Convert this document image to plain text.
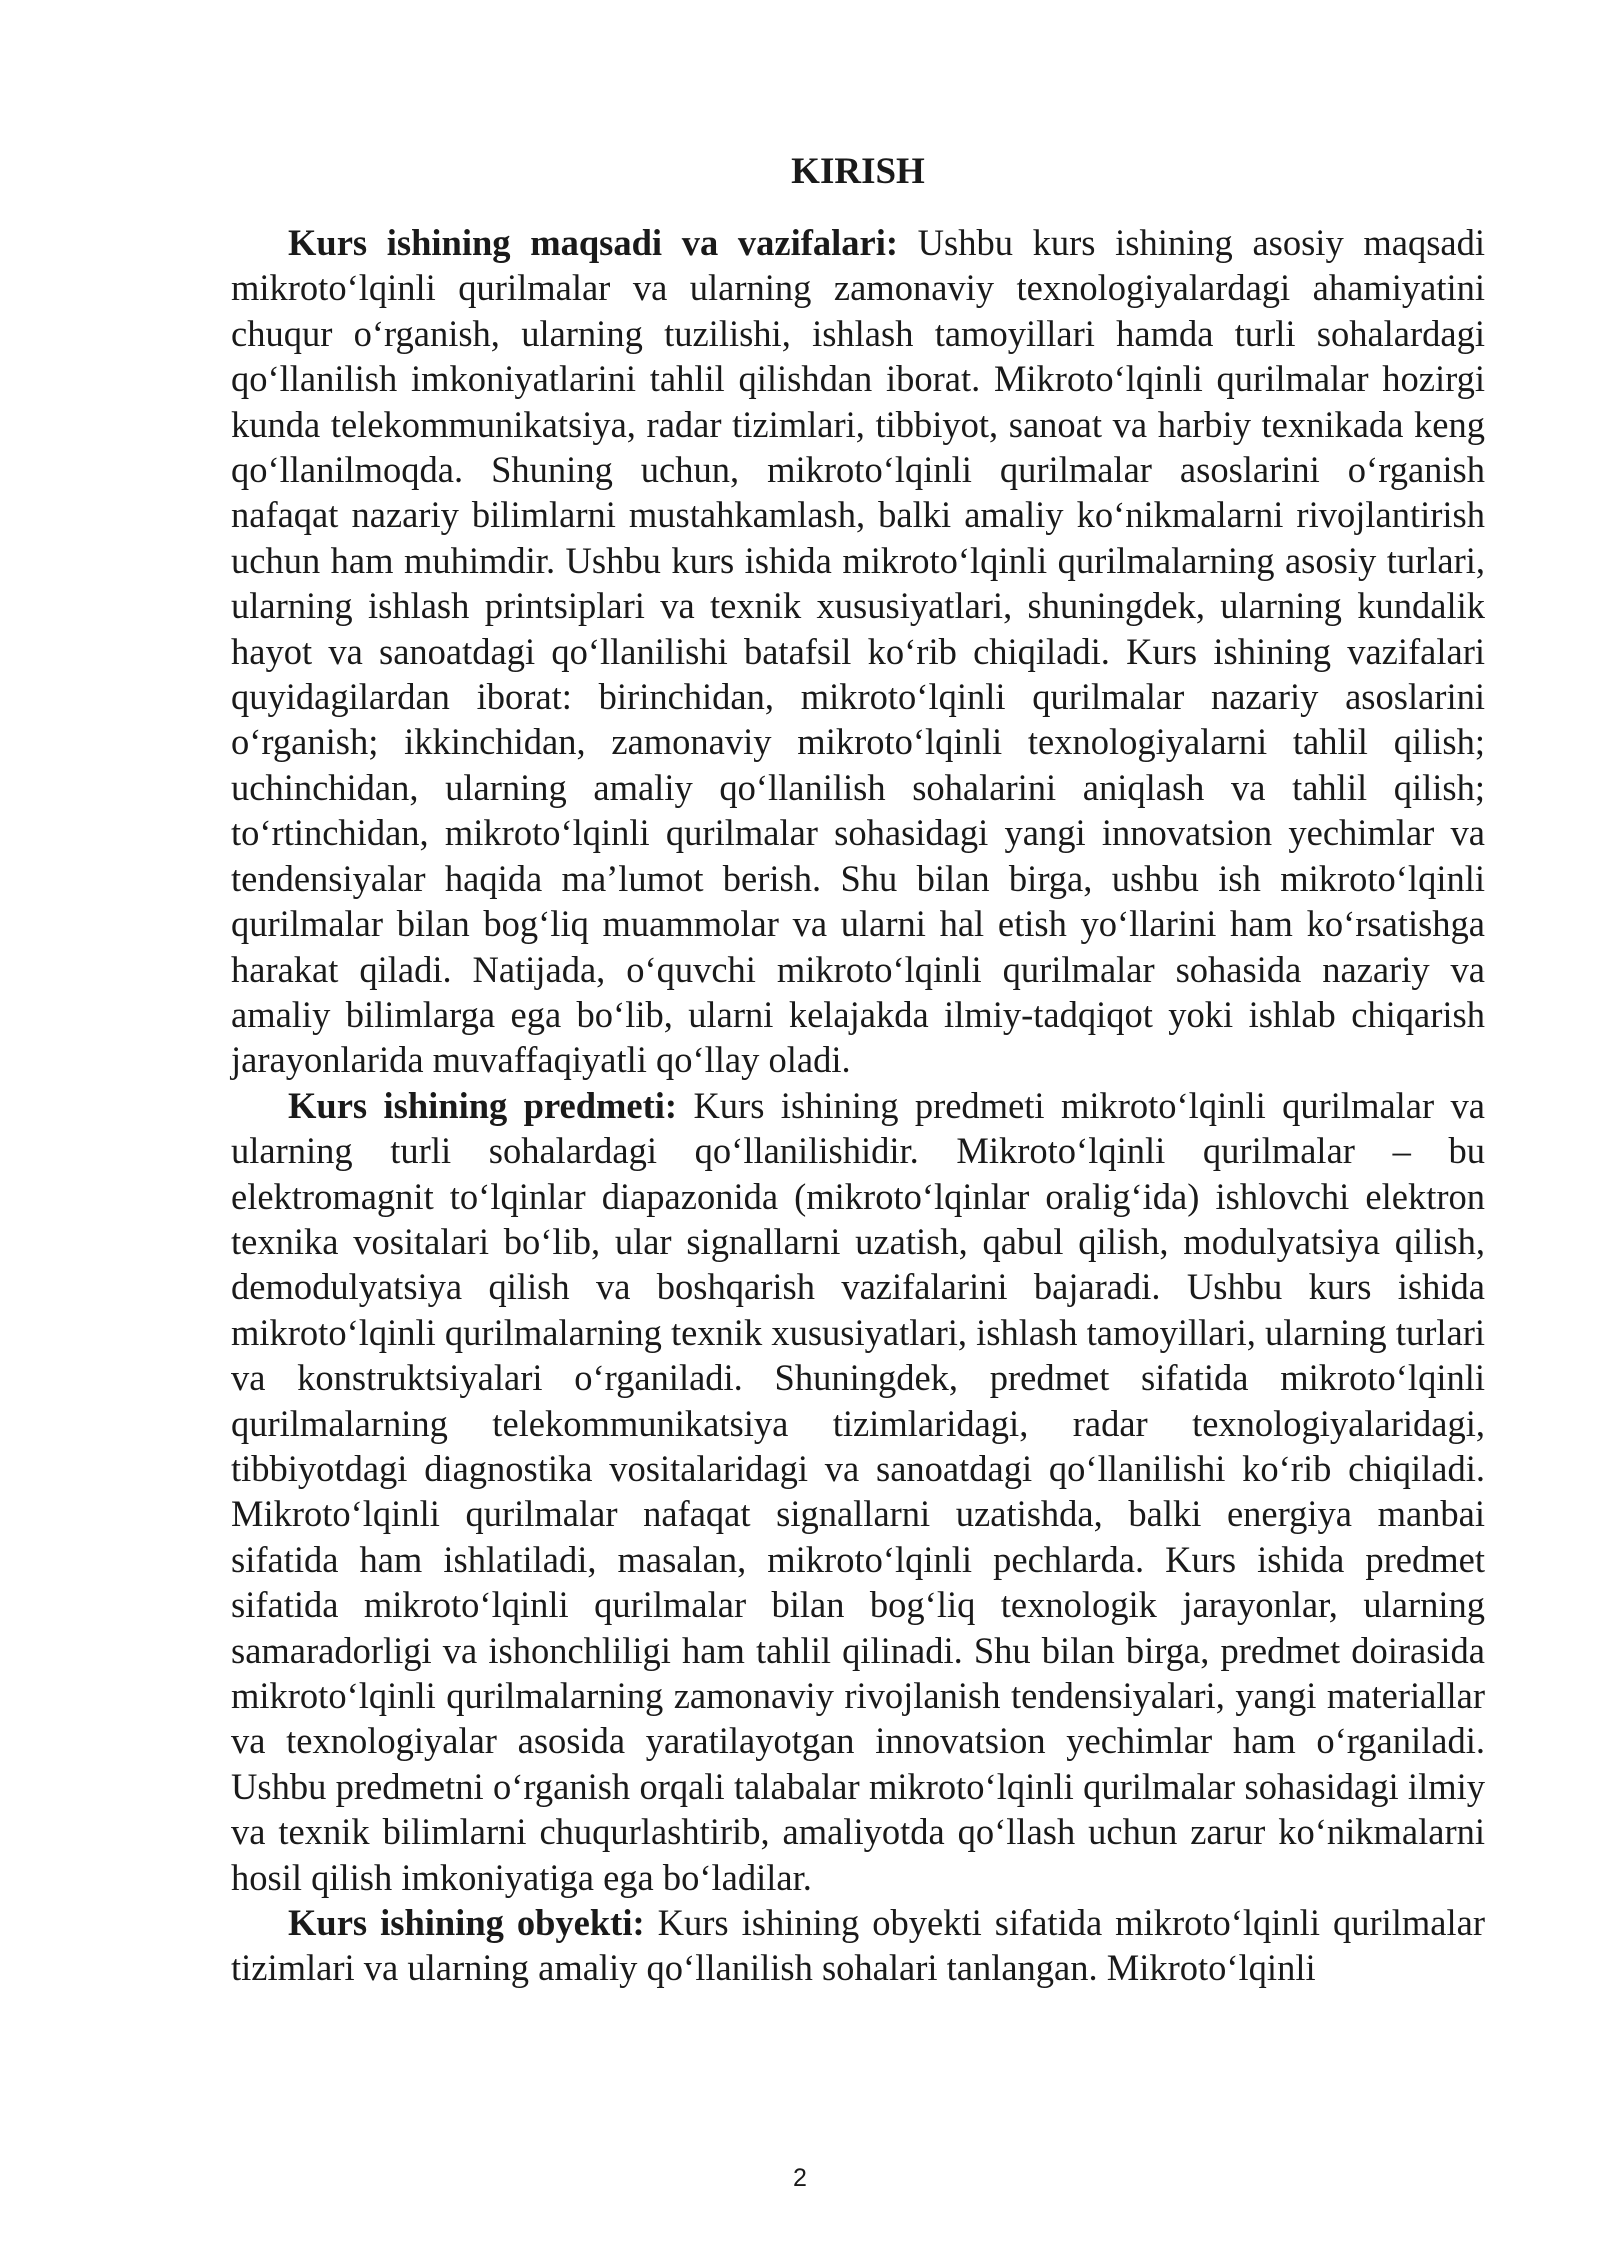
KIRISH

Kurs ishining maqsadi va vazifalari: Ushbu kurs ishining asosiy maqsadi mikroto‘lqinli qurilmalar va ularning zamonaviy texnologiyalardagi ahamiyatini chuqur o‘rganish, ularning tuzilishi, ishlash tamoyillari hamda turli sohalardagi qo‘llanilish imkoniyatlarini tahlil qilishdan iborat. Mikroto‘lqinli qurilmalar hozirgi kunda telekommunikatsiya, radar tizimlari, tibbiyot, sanoat va harbiy texnikada keng qo‘llanilmoqda. Shuning uchun, mikroto‘lqinli qurilmalar asoslarini o‘rganish nafaqat nazariy bilimlarni mustahkamlash, balki amaliy ko‘nikmalarni rivojlantirish uchun ham muhimdir. Ushbu kurs ishida mikroto‘lqinli qurilmalarning asosiy turlari, ularning ishlash printsiplari va texnik xususiyatlari, shuningdek, ularning kundalik hayot va sanoatdagi qo‘llanilishi batafsil ko‘rib chiqiladi. Kurs ishining vazifalari quyidagilardan iborat: birinchidan, mikroto‘lqinli qurilmalar nazariy asoslarini o‘rganish; ikkinchidan, zamonaviy mikroto‘lqinli texnologiyalarni tahlil qilish; uchinchidan, ularning amaliy qo‘llanilish sohalarini aniqlash va tahlil qilish; to‘rtinchidan, mikroto‘lqinli qurilmalar sohasidagi yangi innovatsion yechimlar va tendensiyalar haqida ma’lumot berish. Shu bilan birga, ushbu ish mikroto‘lqinli qurilmalar bilan bog‘liq muammolar va ularni hal etish yo‘llarini ham ko‘rsatishga harakat qiladi. Natijada, o‘quvchi mikroto‘lqinli qurilmalar sohasida nazariy va amaliy bilimlarga ega bo‘lib, ularni kelajakda ilmiy-tadqiqot yoki ishlab chiqarish jarayonlarida muvaffaqiyatli qo‘llay oladi.

Kurs ishining predmeti: Kurs ishining predmeti mikroto‘lqinli qurilmalar va ularning turli sohalardagi qo‘llanilishidir. Mikroto‘lqinli qurilmalar – bu elektromagnit to‘lqinlar diapazonida (mikroto‘lqinlar oralig‘ida) ishlovchi elektron texnika vositalari bo‘lib, ular signallarni uzatish, qabul qilish, modulyatsiya qilish, demodulyatsiya qilish va boshqarish vazifalarini bajaradi. Ushbu kurs ishida mikroto‘lqinli qurilmalarning texnik xususiyatlari, ishlash tamoyillari, ularning turlari va konstruktsiyalari o‘rganiladi. Shuningdek, predmet sifatida mikroto‘lqinli qurilmalarning telekommunikatsiya tizimlaridagi, radar texnologiyalaridagi, tibbiyotdagi diagnostika vositalaridagi va sanoatdagi qo‘llanilishi ko‘rib chiqiladi. Mikroto‘lqinli qurilmalar nafaqat signallarni uzatishda, balki energiya manbai sifatida ham ishlatiladi, masalan, mikroto‘lqinli pechlarda. Kurs ishida predmet sifatida mikroto‘lqinli qurilmalar bilan bog‘liq texnologik jarayonlar, ularning samaradorligi va ishonchliligi ham tahlil qilinadi. Shu bilan birga, predmet doirasida mikroto‘lqinli qurilmalarning zamonaviy rivojlanish tendensiyalari, yangi materiallar va texnologiyalar asosida yaratilayotgan innovatsion yechimlar ham o‘rganiladi. Ushbu predmetni o‘rganish orqali talabalar mikroto‘lqinli qurilmalar sohasidagi ilmiy va texnik bilimlarni chuqurlashtirib, amaliyotda qo‘llash uchun zarur ko‘nikmalarni hosil qilish imkoniyatiga ega bo‘ladilar.

Kurs ishining obyekti: Kurs ishining obyekti sifatida mikroto‘lqinli qurilmalar tizimlari va ularning amaliy qo‘llanilish sohalari tanlangan. Mikroto‘lqinli

2
